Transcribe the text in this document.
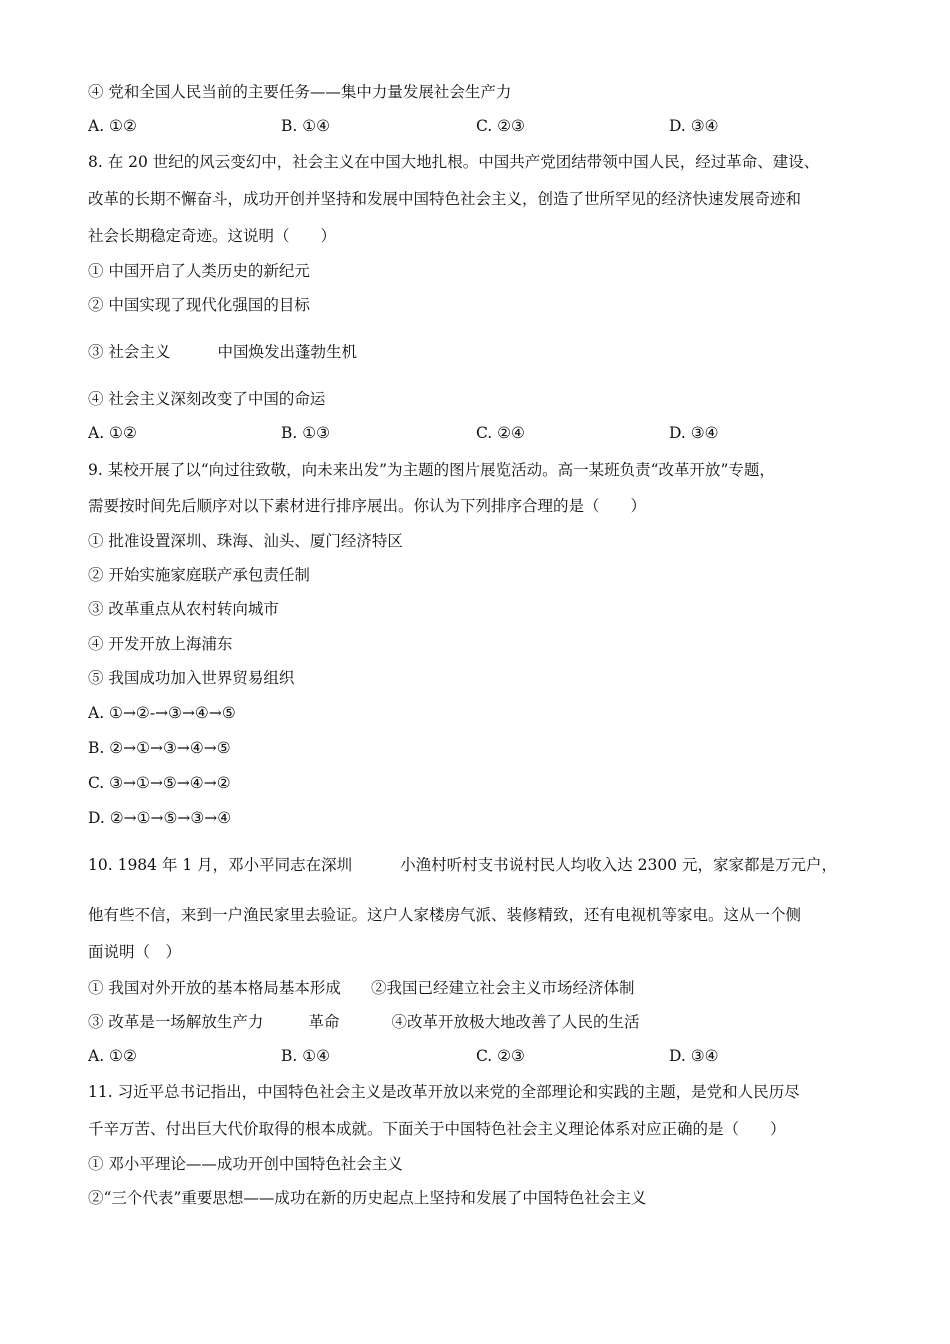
④ 党和全国人民当前的主要任务——集中力量发展社会生产力
A. ①②	B. ①④	C. ②③	D. ③④
8. 在 20 世纪的风云变幻中，社会主义在中国大地扎根。中国共产党团结带领中国人民，经过革命、建设、
改革的长期不懈奋斗，成功开创并坚持和发展中国特色社会主义，创造了世所罕见的经济快速发展奇迹和
社会长期稳定奇迹。这说明（　　）
① 中国开启了人类历史的新纪元
② 中国实现了现代化强国的目标
③ 社会主义	中国焕发出蓬勃生机
④ 社会主义深刻改变了中国的命运
A. ①②	B. ①③	C. ②④	D. ③④
9. 某校开展了以“向过往致敬，向未来出发”为主题的图片展览活动。高一某班负责“改革开放”专题，
需要按时间先后顺序对以下素材进行排序展出。你认为下列排序合理的是（　　）
① 批准设置深圳、珠海、汕头、厦门经济特区
② 开始实施家庭联产承包责任制
③ 改革重点从农村转向城市
④ 开发开放上海浦东
⑤ 我国成功加入世界贸易组织
A. ①→②-→③→④→⑤
B. ②→①→③→④→⑤
C. ③→①→⑤→④→②
D. ②→①→⑤→③→④
10. 1984 年 1 月，邓小平同志在深圳	小渔村听村支书说村民人均收入达 2300 元，家家都是万元户，
他有些不信，来到一户渔民家里去验证。这户人家楼房气派、装修精致，还有电视机等家电。这从一个侧
面说明（　）
① 我国对外开放的基本格局基本形成 ②我国已经建立社会主义市场经济体制
③ 改革是一场解放生产力	革命	④改革开放极大地改善了人民的生活
A. ①②	B. ①④	C. ②③	D. ③④
11. 习近平总书记指出，中国特色社会主义是改革开放以来党的全部理论和实践的主题，是党和人民历尽
千辛万苦、付出巨大代价取得的根本成就。下面关于中国特色社会主义理论体系对应正确的是（　　）
① 邓小平理论——成功开创中国特色社会主义
②“三个代表”重要思想——成功在新的历史起点上坚持和发展了中国特色社会主义
